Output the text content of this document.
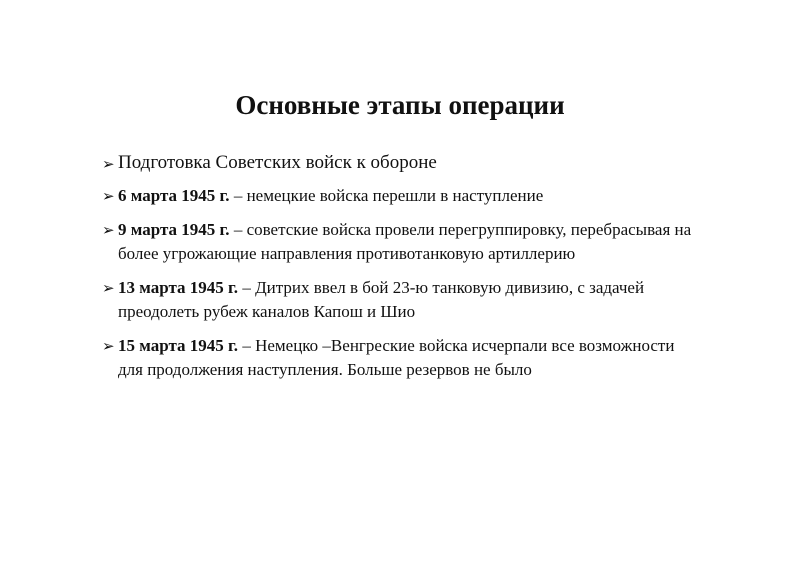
Основные этапы операции
➢ Подготовка Советских войск к обороне
➢ 6 марта 1945 г. – немецкие войска перешли в наступление
➢ 9 марта 1945 г. – советские войска провели перегруппировку, перебрасывая на более угрожающие направления противотанковую артиллерию
➢ 13 марта 1945 г. – Дитрих ввел в бой 23-ю танковую дивизию, с задачей преодолеть рубеж каналов Капош и Шио
➢ 15 марта 1945 г. – Немецко –Венгреские войска исчерпали все возможности для продолжения наступления. Больше резервов не было
